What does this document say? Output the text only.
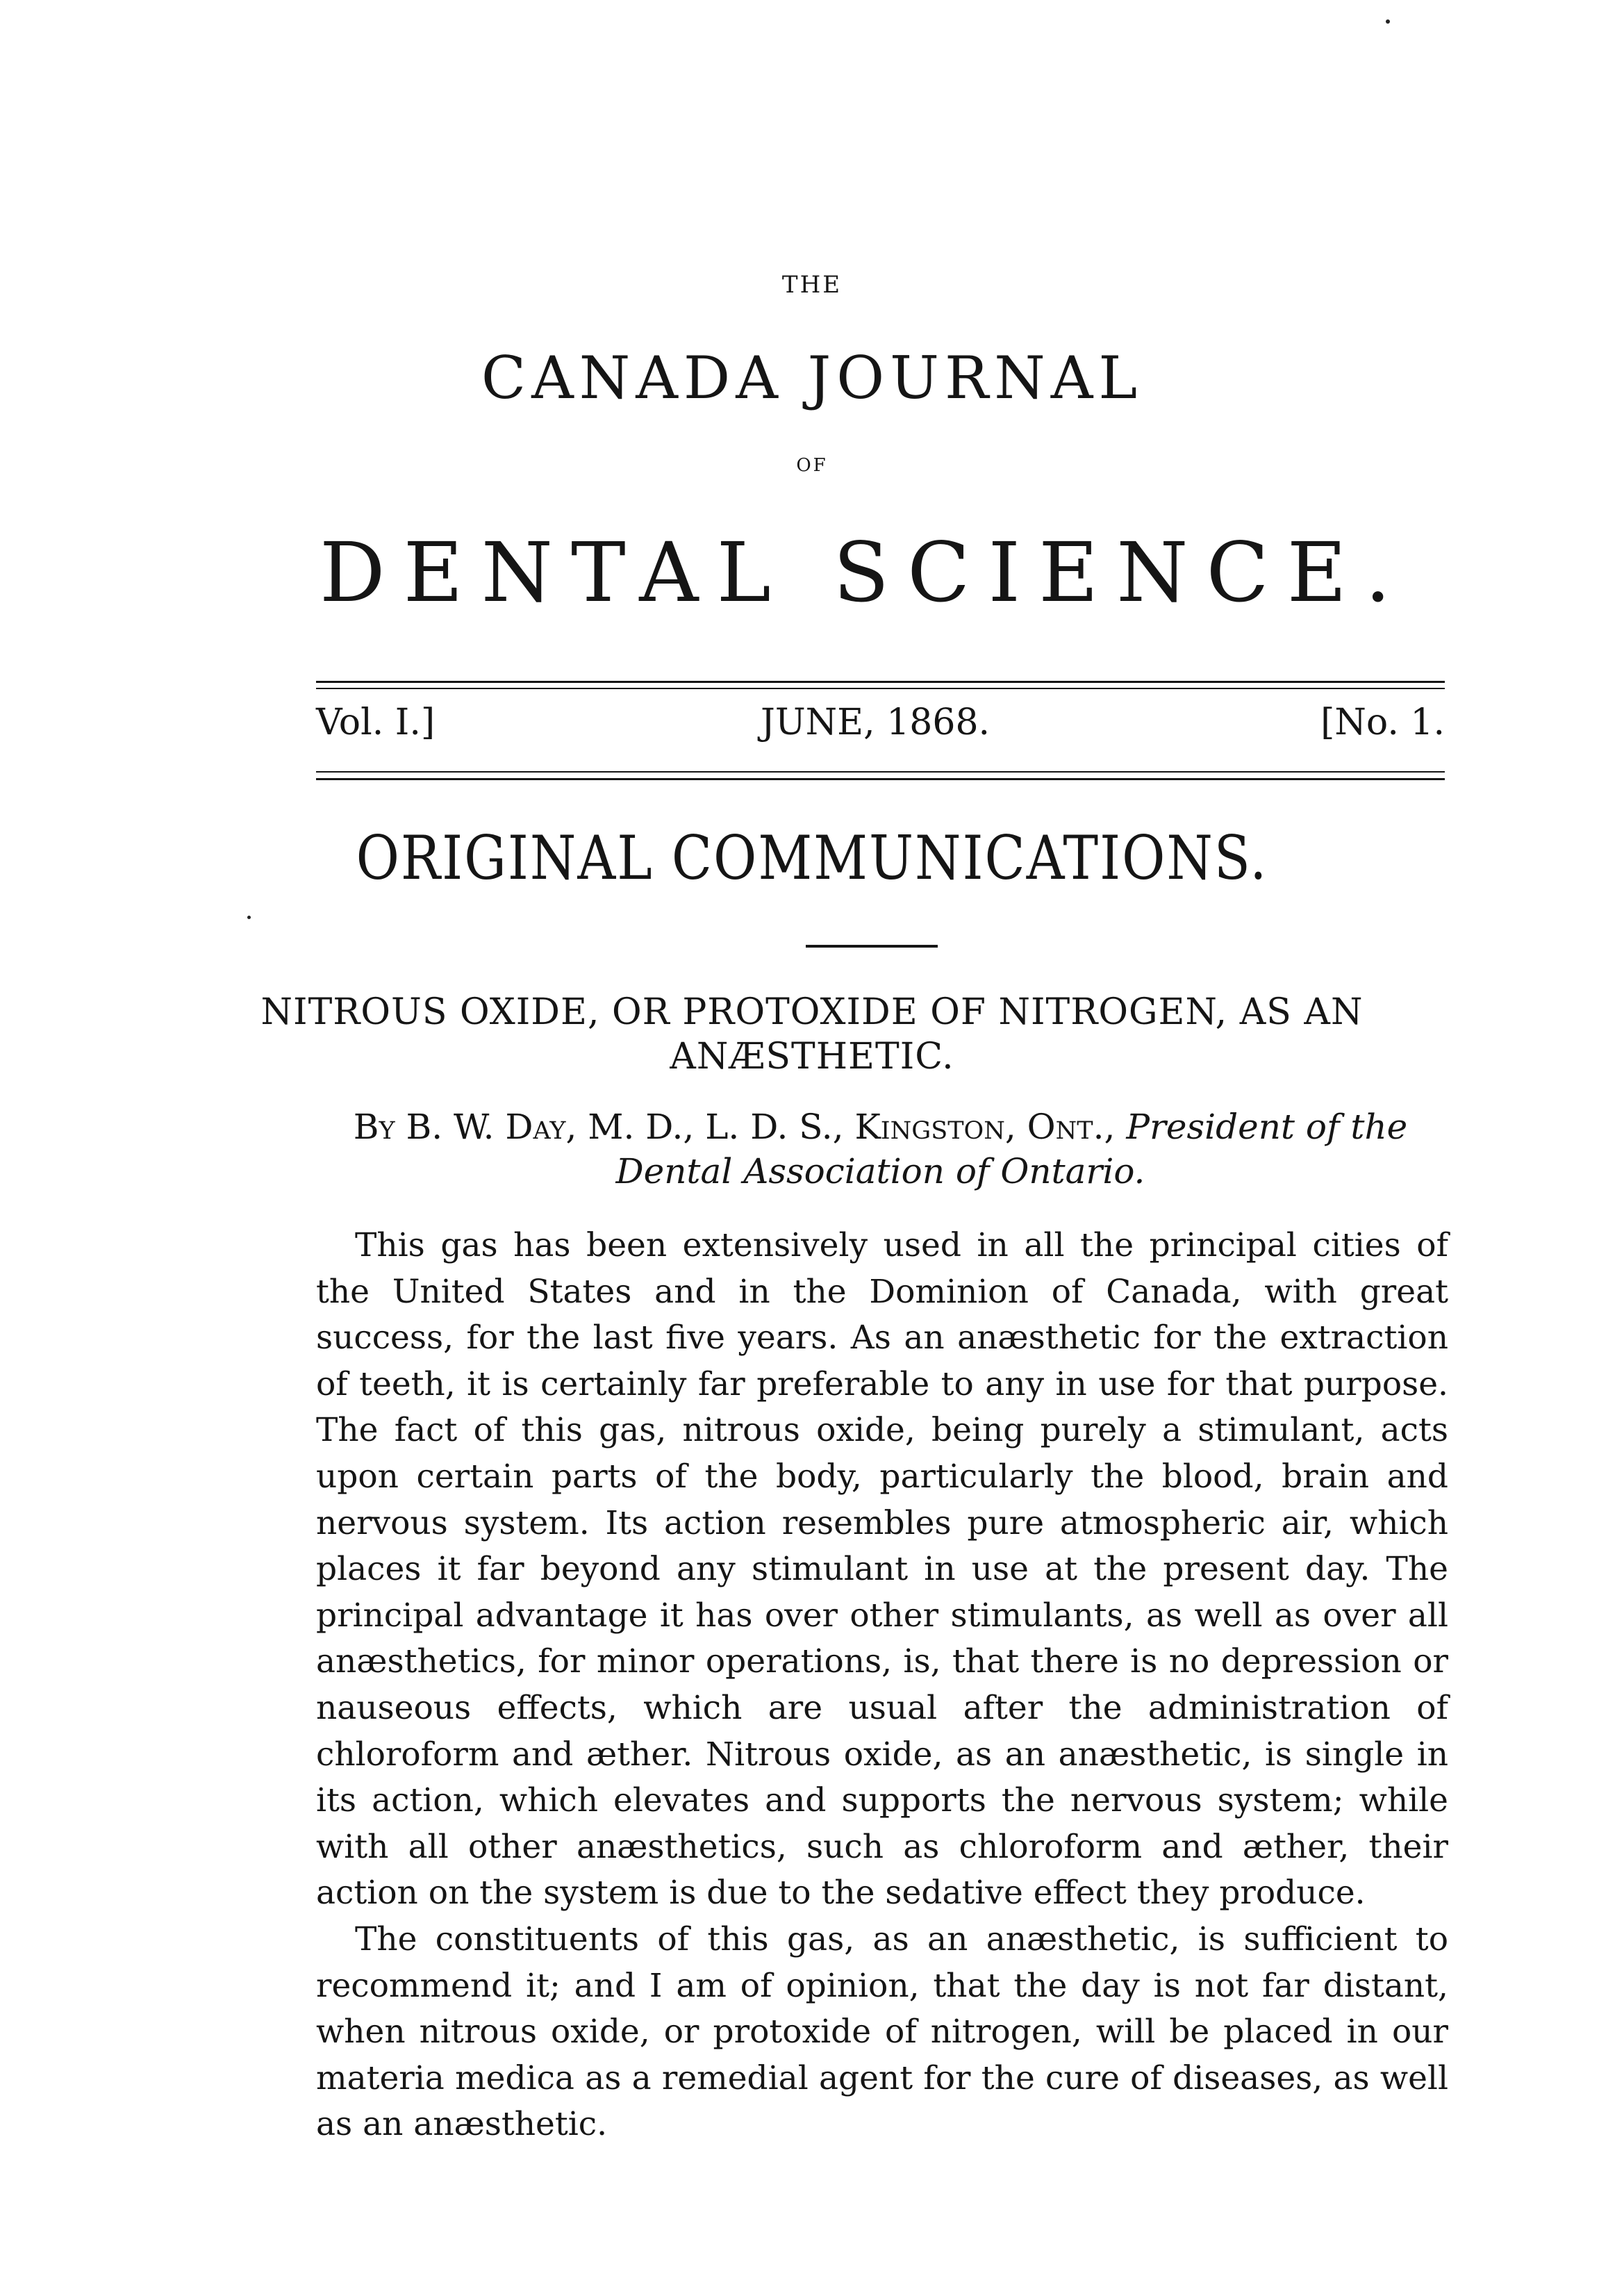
THE
CANADA JOURNAL
OF
DENTAL SCIENCE.
Vol. I.]	JUNE, 1868.	[No. 1.
ORIGINAL COMMUNICATIONS.
NITROUS OXIDE, OR PROTOXIDE OF NITROGEN, AS AN
ANÆSTHETIC.
By B. W. Day, M. D., L. D. S., Kingston, Ont., President of the
Dental Association of Ontario.

This gas has been extensively used in all the principal cities of the United States and in the Dominion of Canada, with great success, for the last five years. As an anæsthetic for the extraction of teeth, it is certainly far preferable to any in use for that purpose. The fact of this gas, nitrous oxide, being purely a stimulant, acts upon certain parts of the body, particularly the blood, brain and nervous system. Its action resembles pure atmospheric air, which places it far beyond any stimulant in use at the present day. The principal advantage it has over other stimulants, as well as over all anæsthetics, for minor operations, is, that there is no depression or nauseous effects, which are usual after the administration of chloroform and æther. Nitrous oxide, as an anæsthetic, is single in its action, which elevates and supports the nervous system; while with all other anæsthetics, such as chloroform and æther, their action on the system is due to the sedative effect they produce.

The constituents of this gas, as an anæsthetic, is sufficient to recommend it; and I am of opinion, that the day is not far distant, when nitrous oxide, or protoxide of nitrogen, will be placed in our materia medica as a remedial agent for the cure of diseases, as well as an anæsthetic.
